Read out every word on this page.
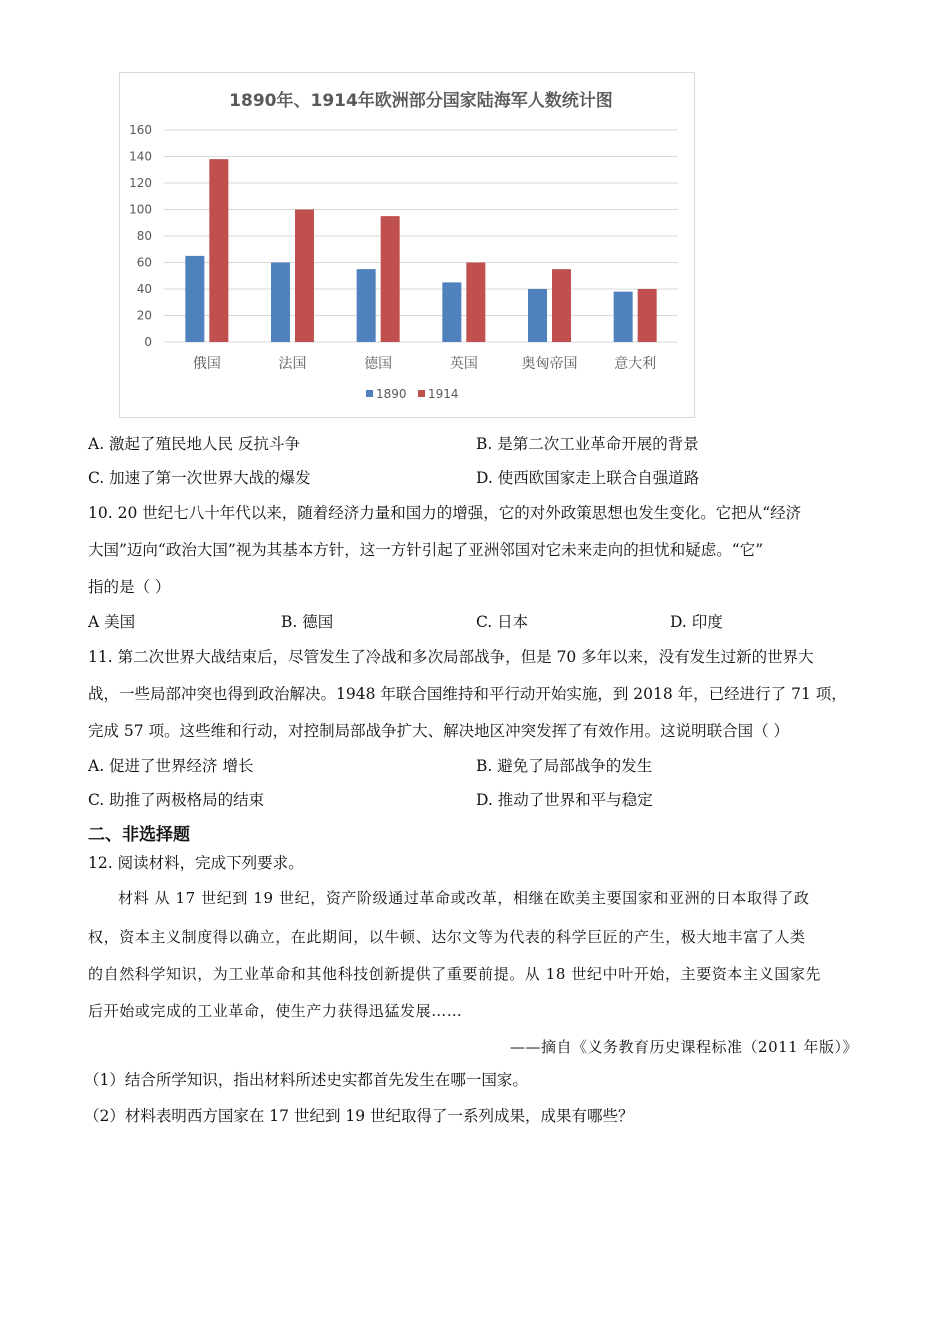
1890年、1914年欧洲部分国家陆海军人数统计图
0
20
40
60
80
100
120
140
160
俄国	法国	德国	英国	奥匈帝国	意大利
1890 1914
A. 激起了殖民地人民 反抗斗争	B. 是第二次工业革命开展的背景
C. 加速了第一次世界大战的爆发	D. 使西欧国家走上联合自强道路
10. 20 世纪七八十年代以来，随着经济力量和国力的增强，它的对外政策思想也发生变化。它把从“经济
大国”迈向“政治大国”视为其基本方针，这一方针引起了亚洲邻国对它未来走向的担忧和疑虑。“它”
指的是（ ）
A 美国	B. 德国	C. 日本	D. 印度
11. 第二次世界大战结束后，尽管发生了冷战和多次局部战争，但是 70 多年以来，没有发生过新的世界大
战，一些局部冲突也得到政治解决。1948 年联合国维持和平行动开始实施，到 2018 年，已经进行了 71 项，
完成 57 项。这些维和行动，对控制局部战争扩大、解决地区冲突发挥了有效作用。这说明联合国（ ）
A. 促进了世界经济 增长	B. 避免了局部战争的发生
C. 助推了两极格局的结束	D. 推动了世界和平与稳定
二、非选择题
12. 阅读材料，完成下列要求。
材料 从 17 世纪到 19 世纪，资产阶级通过革命或改革，相继在欧美主要国家和亚洲的日本取得了政
权，资本主义制度得以确立，在此期间，以牛顿、达尔文等为代表的科学巨匠的产生，极大地丰富了人类
的自然科学知识，为工业革命和其他科技创新提供了重要前提。从 18 世纪中叶开始，主要资本主义国家先
后开始或完成的工业革命，使生产力获得迅猛发展……
——摘自《义务教育历史课程标准（2011 年版）》
（1）结合所学知识，指出材料所述史实都首先发生在哪一国家。
（2）材料表明西方国家在 17 世纪到 19 世纪取得了一系列成果，成果有哪些？
